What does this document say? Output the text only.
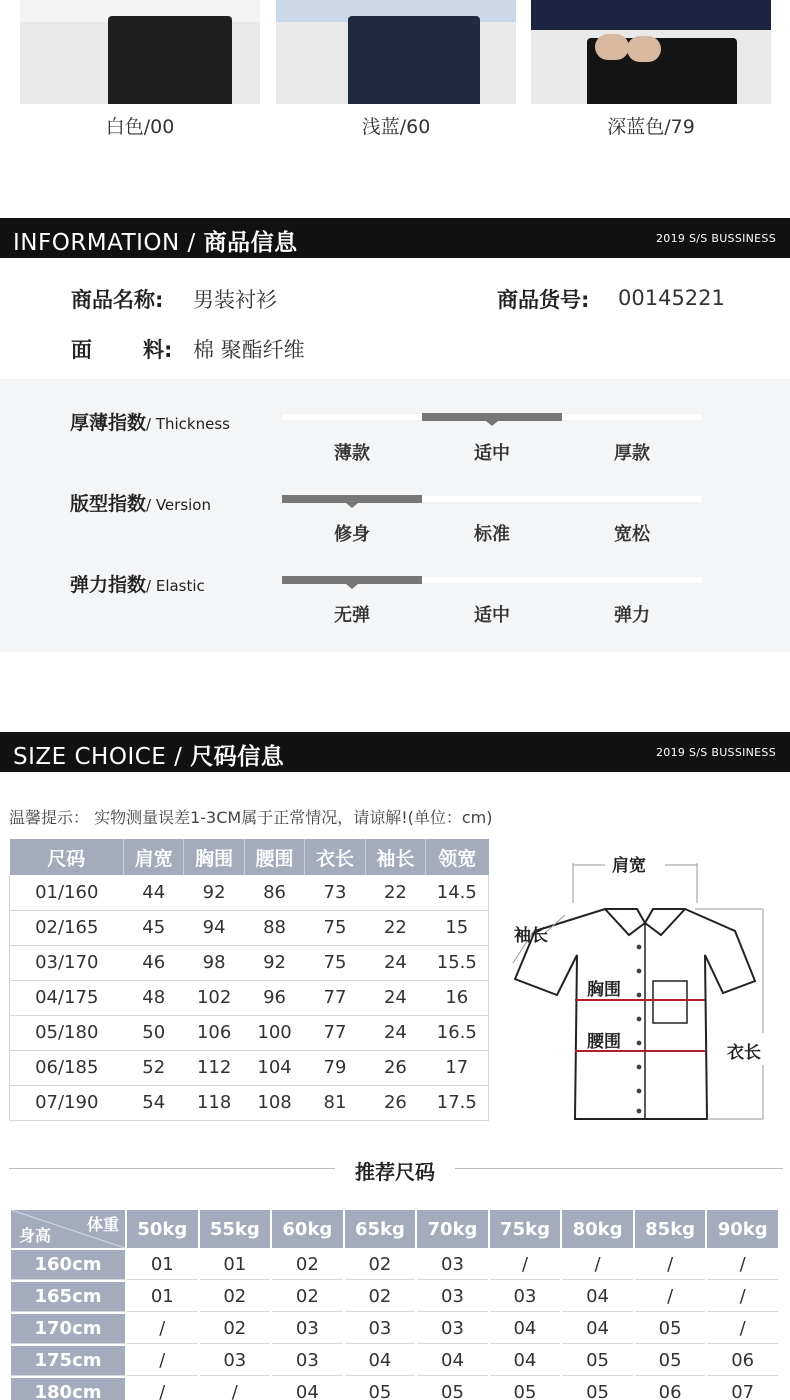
白色/00	浅蓝/60	深蓝色/79
INFORMATION / 商品信息	2019 S/S BUSSINESS
商品名称: 男装衬衫	商品货号: 00145221
面 料: 棉 聚酯纤维
厚薄指数/ Thickness
薄款	适中	厚款
版型指数/ Version
修身	标准	宽松
弹力指数/ Elastic
无弹	适中	弹力
SIZE CHOICE / 尺码信息	2019 S/S BUSSINESS
温馨提示： 实物测量误差1-3CM属于正常情况，请谅解!(单位：cm)
尺码	肩宽	胸围	腰围	衣长	袖长	领宽
01/160	44	92	86	73	22	14.5
02/165	45	94	88	75	22	15
03/170	46	98	92	75	24	15.5
04/175	48	102	96	77	24	16
05/180	50	106	100	77	24	16.5
06/185	52	112	104	79	26	17
07/190	54	118	108	81	26	17.5
肩宽
袖长
胸围
腰围
衣长
推荐尺码
体重
身高	50kg	55kg	60kg	65kg	70kg	75kg	80kg	85kg	90kg
160cm	01	01	02	02	03	/	/	/	/
165cm	01	02	02	02	03	03	04	/	/
170cm	/	02	03	03	03	04	04	05	/
175cm	/	03	03	04	04	04	05	05	06
180cm	/	/	04	05	05	05	05	06	07
